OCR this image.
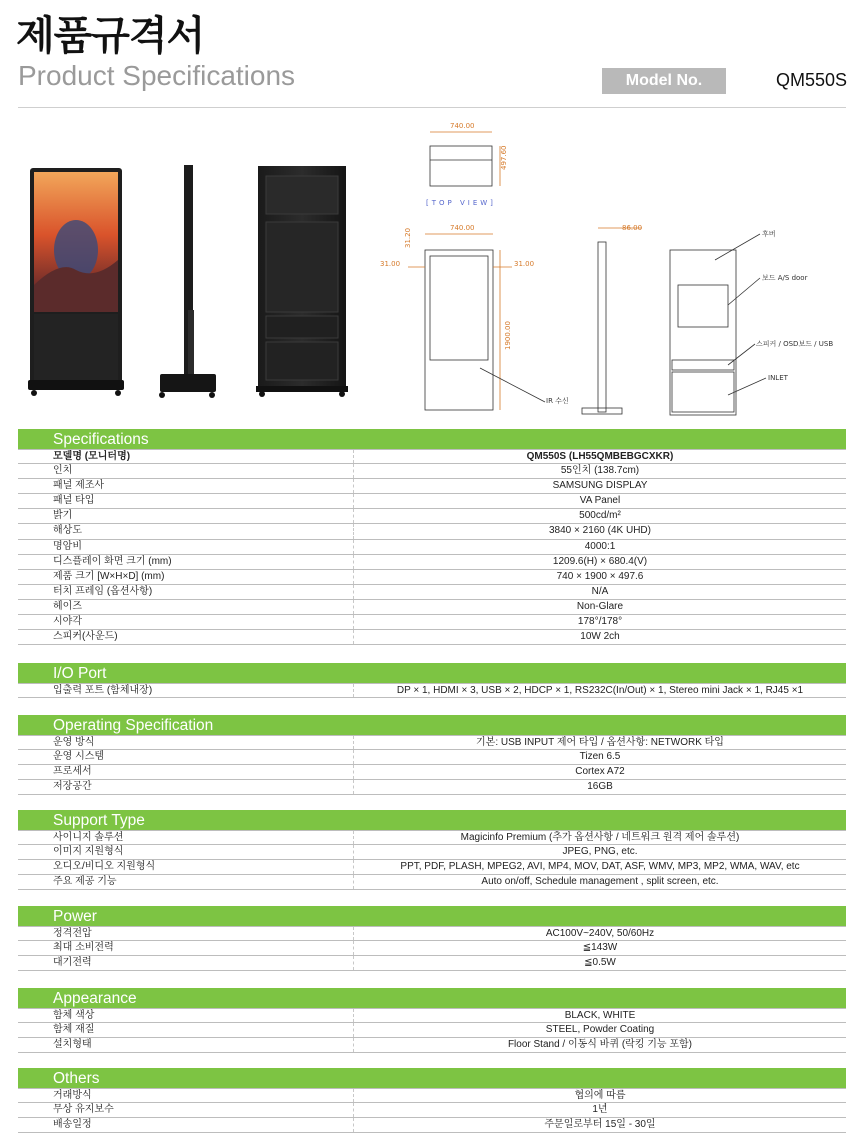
제품규격서
Product Specifications	Model No.	QM550S
740.00
497.60
[TOP VIEW]
740.00
31.20
31.00	31.00
1900.00
IR 수신
86.00
후버
보드 A/S door
스피커 / OSD보드 / USB
INLET
Specifications
모델명 (모니터명)	QM550S (LH55QMBEBGCXKR)
인치	55인치 (138.7cm)
패널 제조사	SAMSUNG DISPLAY
패널 타입	VA Panel
밝기	500cd/m²
해상도	3840 × 2160 (4K UHD)
명암비	4000:1
디스플레이 화면 크기 (mm)	1209.6(H) × 680.4(V)
제품 크기 [W×H×D] (mm)	740 × 1900 × 497.6
터치 프레임 (옵션사항)	N/A
헤이즈	Non-Glare
시야각	178°/178°
스피커(사운드)	10W 2ch
I/O Port
입출력 포트 (함체내장)	DP × 1, HDMI × 3, USB × 2, HDCP × 1, RS232C(In/Out) × 1, Stereo mini Jack × 1, RJ45 ×1
Operating Specification
운영 방식	기본: USB INPUT 제어 타입 / 옵션사항: NETWORK 타입
운영 시스템	Tizen 6.5
프로세서	Cortex A72
저장공간	16GB
Support Type
사이니지 솔루션	Magicinfo Premium (추가 옵션사항 / 네트워크 원격 제어 솔루션)
이미지 지원형식	JPEG, PNG, etc.
오디오/비디오 지원형식	PPT, PDF, PLASH, MPEG2, AVI, MP4, MOV, DAT, ASF, WMV, MP3, MP2, WMA, WAV, etc
주요 제공 기능	Auto on/off, Schedule management , split screen, etc.
Power
정격전압	AC100V~240V, 50/60Hz
최대 소비전력	≦143W
대기전력	≦0.5W
Appearance
함체 색상	BLACK, WHITE
함체 재질	STEEL, Powder Coating
설치형태	Floor Stand / 이동식 바퀴 (락킹 기능 포함)
Others
거래방식	협의에 따름
무상 유지보수	1년
배송일정	주문일로부터 15일 - 30일
